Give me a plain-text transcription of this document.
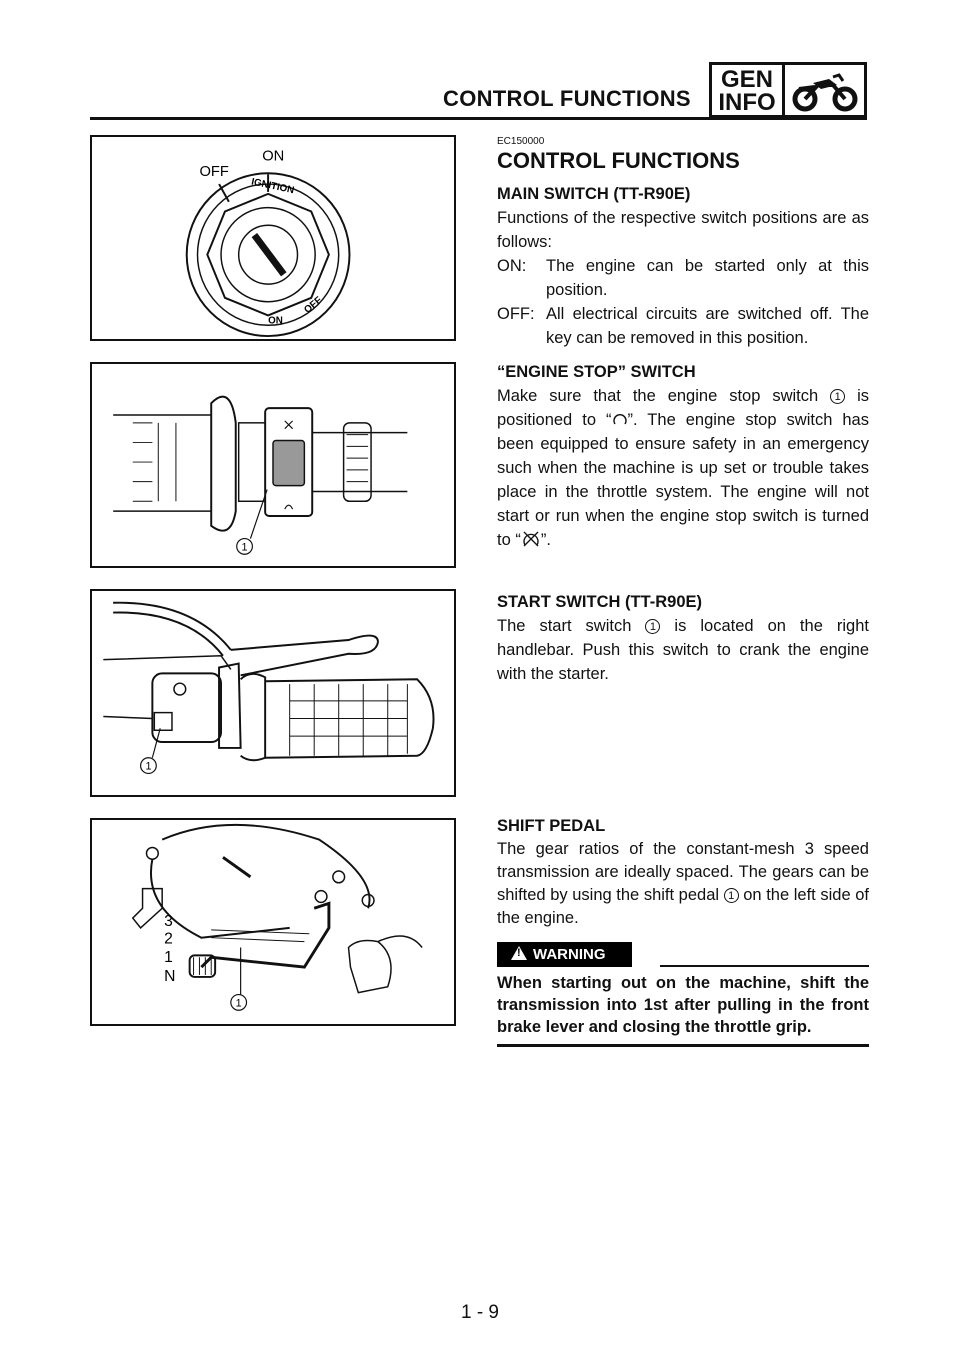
CONTROL FUNCTIONS
GEN
INFO
ON
OFF
IGNITION
ON
OFF
1
1
3
2
1
N
1
EC150000
CONTROL FUNCTIONS

MAIN SWITCH (TT-R90E)

Functions of the respective switch positions are as follows:

ON:	The engine can be started only at this position.
OFF: All electrical circuits are switched off. The key can be removed in this position.

“ENGINE STOP” SWITCH

Make sure that the engine stop switch 1 is positioned to “ ”. The engine stop switch has been equipped to ensure safety in an emergency such when the machine is up set or trouble takes place in the throttle system. The engine will not start or run when the engine stop switch is turned to “ ”.

START SWITCH (TT-R90E)

The start switch 1 is located on the right handlebar. Push this switch to crank the engine with the starter.

SHIFT PEDAL

The gear ratios of the constant-mesh 3 speed transmission are ideally spaced. The gears can be shifted by using the shift pedal 1 on the left side of the engine.

!WARNING
When starting out on the machine, shift the transmission into 1st after pulling in the front brake lever and closing the throttle grip.
1 - 9
